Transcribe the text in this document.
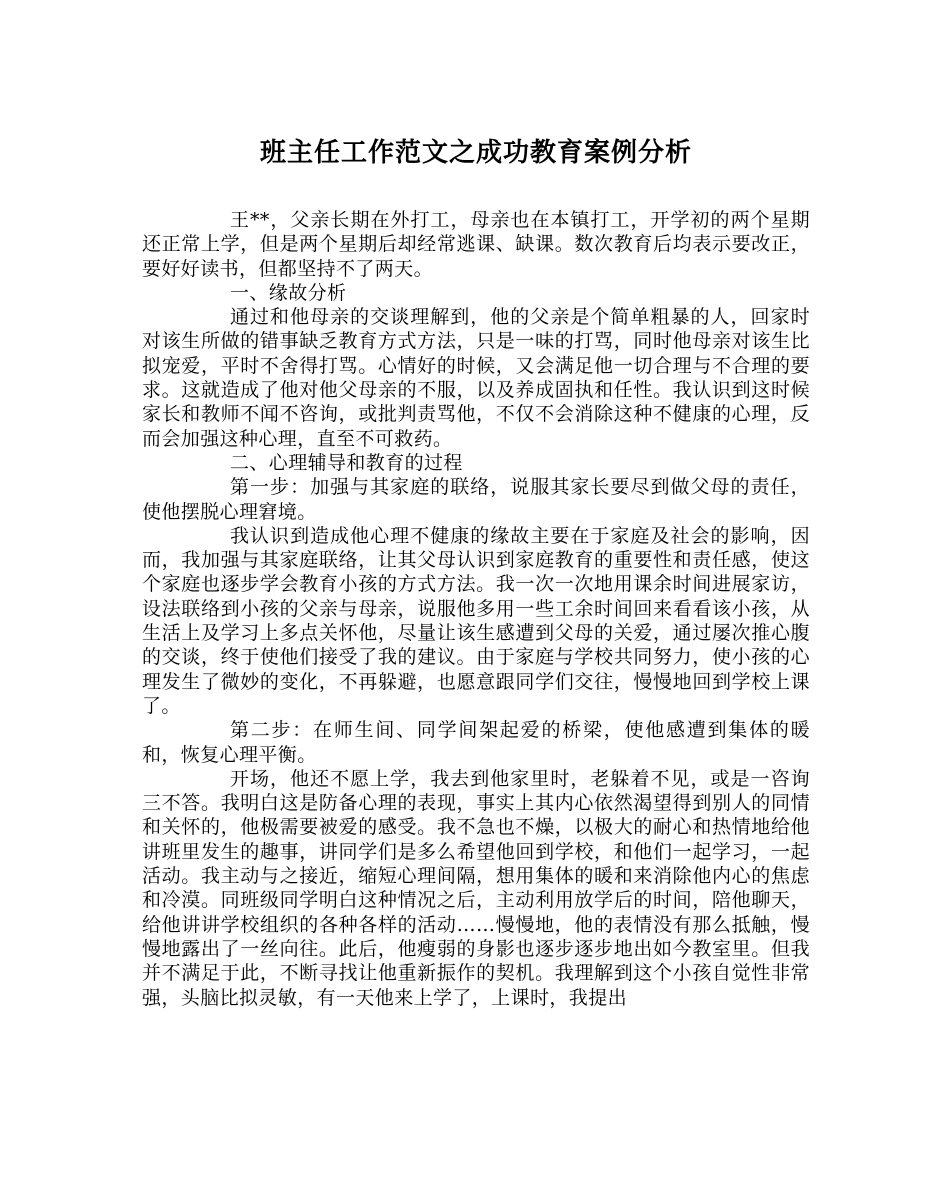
班主任工作范文之成功教育案例分析

王**，父亲长期在外打工，母亲也在本镇打工，开学初的两个星期还正常上学，但是两个星期后却经常逃课、缺课。数次教育后均表示要改正，要好好读书，但都坚持不了两天。

一、缘故分析

通过和他母亲的交谈理解到，他的父亲是个简单粗暴的人，回家时对该生所做的错事缺乏教育方式方法，只是一味的打骂，同时他母亲对该生比拟宠爱，平时不舍得打骂。心情好的时候，又会满足他一切合理与不合理的要求。这就造成了他对他父母亲的不服，以及养成固执和任性。我认识到这时候家长和教师不闻不咨询，或批判责骂他，不仅不会消除这种不健康的心理，反而会加强这种心理，直至不可救药。

二、心理辅导和教育的过程

第一步：加强与其家庭的联络，说服其家长要尽到做父母的责任，使他摆脱心理窘境。

我认识到造成他心理不健康的缘故主要在于家庭及社会的影响，因而，我加强与其家庭联络，让其父母认识到家庭教育的重要性和责任感，使这个家庭也逐步学会教育小孩的方式方法。我一次一次地用课余时间进展家访，设法联络到小孩的父亲与母亲，说服他多用一些工余时间回来看看该小孩，从生活上及学习上多点关怀他，尽量让该生感遭到父母的关爱，通过屡次推心腹的交谈，终于使他们接受了我的建议。由于家庭与学校共同努力，使小孩的心理发生了微妙的变化，不再躲避，也愿意跟同学们交往，慢慢地回到学校上课了。

第二步：在师生间、同学间架起爱的桥梁，使他感遭到集体的暖和，恢复心理平衡。

开场，他还不愿上学，我去到他家里时，老躲着不见，或是一咨询三不答。我明白这是防备心理的表现，事实上其内心依然渴望得到别人的同情和关怀的，他极需要被爱的感受。我不急也不燥，以极大的耐心和热情地给他讲班里发生的趣事，讲同学们是多么希望他回到学校，和他们一起学习，一起活动。我主动与之接近，缩短心理间隔，想用集体的暖和来消除他内心的焦虑和冷漠。同班级同学明白这种情况之后，主动利用放学后的时间，陪他聊天，给他讲讲学校组织的各种各样的活动……慢慢地，他的表情没有那么抵触，慢慢地露出了一丝向往。此后，他瘦弱的身影也逐步逐步地出如今教室里。但我并不满足于此，不断寻找让他重新振作的契机。我理解到这个小孩自觉性非常强，头脑比拟灵敏，有一天他来上学了，上课时，我提出
